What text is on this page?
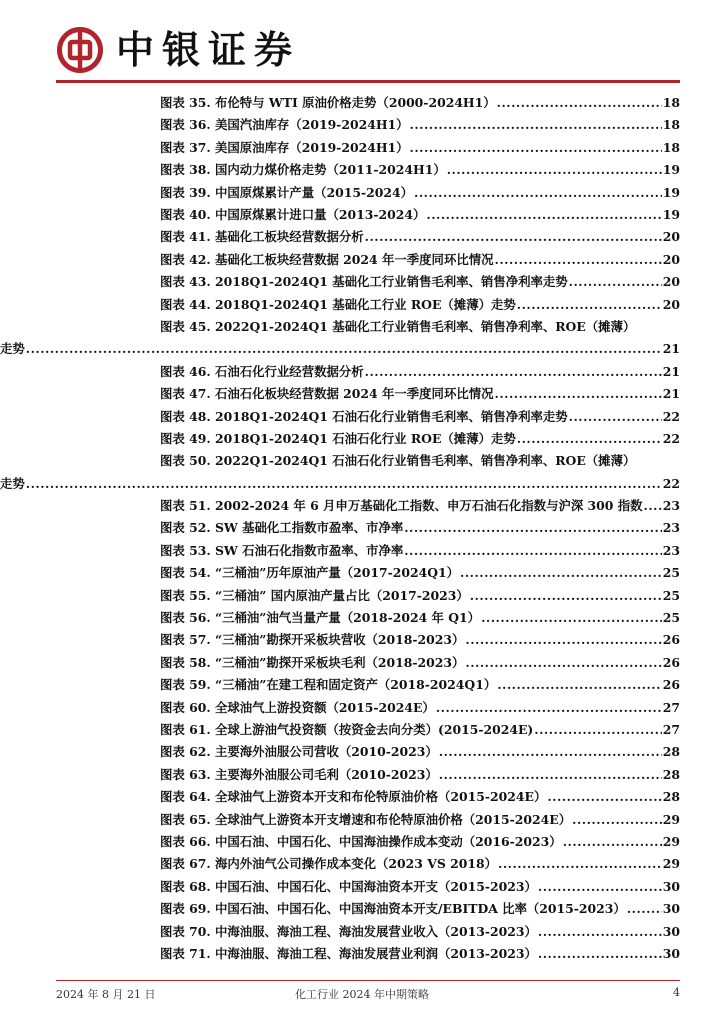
中银证券
图表 35. 布伦特与 WTI 原油价格走势（2000-2024H1） .....	18
图表 36. 美国汽油库存（2019-2024H1） .....	18
图表 37. 美国原油库存（2019-2024H1） .....	18
图表 38. 国内动力煤价格走势（2011-2024H1） .....	19
图表 39. 中国原煤累计产量（2015-2024） .....	19
图表 40. 中国原煤累计进口量（2013-2024） .....	19
图表 41. 基础化工板块经营数据分析 .....	20
图表 42. 基础化工板块经营数据 2024 年一季度同环比情况 .....	20
图表 43. 2018Q1-2024Q1 基础化工行业销售毛利率、销售净利率走势 .....	20
图表 44. 2018Q1-2024Q1 基础化工行业 ROE（摊薄）走势 .....	20
图表 45. 2022Q1-2024Q1 基础化工行业销售毛利率、销售净利率、ROE（摊薄）
走势 .....	21
图表 46. 石油石化行业经营数据分析 .....	21
图表 47. 石油石化板块经营数据 2024 年一季度同环比情况 .....	21
图表 48. 2018Q1-2024Q1 石油石化行业销售毛利率、销售净利率走势 .....	22
图表 49. 2018Q1-2024Q1 石油石化行业 ROE（摊薄）走势 .....	22
图表 50. 2022Q1-2024Q1 石油石化行业销售毛利率、销售净利率、ROE（摊薄）
走势 .....	22
图表 51. 2002-2024 年 6 月申万基础化工指数、申万石油石化指数与沪深 300 指数 ..... 23
图表 52. SW 基础化工指数市盈率、市净率 .....	23
图表 53. SW 石油石化指数市盈率、市净率 .....	23
图表 54. “三桶油”历年原油产量（2017-2024Q1） .....	25
图表 55. “三桶油” 国内原油产量占比（2017-2023） .....	25
图表 56. “三桶油”油气当量产量（2018-2024 年 Q1） .....	25
图表 57. “三桶油”勘探开采板块营收（2018-2023） .....	26
图表 58. “三桶油”勘探开采板块毛利（2018-2023） .....	26
图表 59. “三桶油”在建工程和固定资产（2018-2024Q1） .....	26
图表 60. 全球油气上游投资额（2015-2024E） .....	27
图表 61. 全球上游油气投资额（按资金去向分类）(2015-2024E) .....	27
图表 62. 主要海外油服公司营收（2010-2023） .....	28
图表 63. 主要海外油服公司毛利（2010-2023） .....	28
图表 64. 全球油气上游资本开支和布伦特原油价格（2015-2024E） .....	28
图表 65. 全球油气上游资本开支增速和布伦特原油价格（2015-2024E） .....	29
图表 66. 中国石油、中国石化、中国海油操作成本变动（2016-2023） .....	29
图表 67. 海内外油气公司操作成本变化（2023 VS 2018） .....	29
图表 68. 中国石油、中国石化、中国海油资本开支（2015-2023） .....	30
图表 69. 中国石油、中国石化、中国海油资本开支/EBITDA 比率（2015-2023） .....	30
图表 70. 中海油服、海油工程、海油发展营业收入（2013-2023） .....	30
图表 71. 中海油服、海油工程、海油发展营业利润（2013-2023） .....	30
2024 年 8 月 21 日	化工行业 2024 年中期策略	4
